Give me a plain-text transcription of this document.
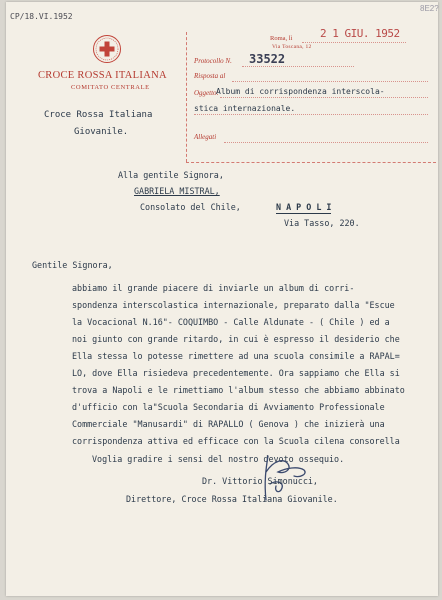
CP/18.VI.1952
8E2?
CROCE ROSSA ITALIANA
COMITATO CENTRALE
Croce Rossa Italiana
Giovanile.
Roma, lì	2 1 GIU. 1952
Via Toscana, 12
Protocollo N. 33522
Risposta al
Oggetto:
Album di corrispondenza interscola-
stica internazionale.
Allegati
Alla gentile Signora,
GABRIELA MISTRAL,
Consolato del Chile,	N A P O L I
Via Tasso, 220.
Gentile Signora,
abbiamo il grande piacere di inviarle un album di corri-
spondenza interscolastica internazionale, preparato dalla "Escue
la Vocacional N.16"- COQUIMBO - Calle Aldunate - ( Chile ) ed a
noi giunto con grande ritardo, in cui è espresso il desiderio che
Ella stessa lo potesse rimettere ad una scuola consimile a RAPAL=
LO, dove Ella risiedeva precedentemente. Ora sappiamo che Ella si
trova a Napoli e le rimettiamo l'album stesso che abbiamo abbinato
d'ufficio con la"Scuola Secondaria di Avviamento Professionale
Commerciale "Manusardi" di RAPALLO ( Genova ) che inizierà una
corrispondenza attiva ed efficace con la Scuola cilena consorella
Voglia gradire i sensi del nostro devoto ossequio.
Dr. Vittorio Simonucci,
Direttore, Croce Rossa Italiana Giovanile.
